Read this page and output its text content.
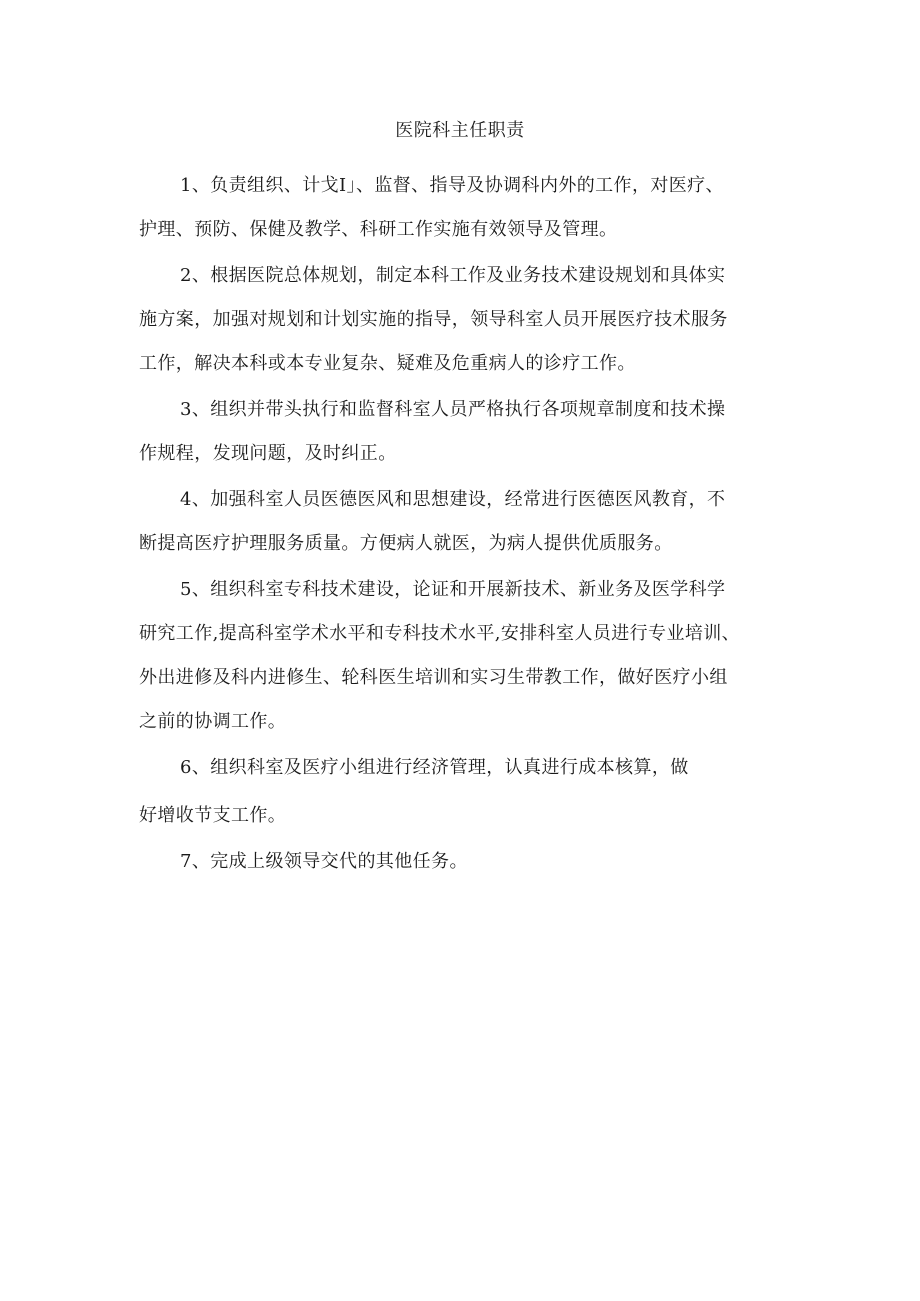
医院科主任职责
1、负责组织、计戈I」、监督、指导及协调科内外的工作，对医疗、
护理、预防、保健及教学、科研工作实施有效领导及管理。
2、根据医院总体规划，制定本科工作及业务技术建设规划和具体实
施方案，加强对规划和计划实施的指导，领导科室人员开展医疗技术服务
工作，解决本科或本专业复杂、疑难及危重病人的诊疗工作。
3、组织并带头执行和监督科室人员严格执行各项规章制度和技术操
作规程，发现问题，及时纠正。
4、加强科室人员医德医风和思想建设，经常进行医德医风教育，不
断提高医疗护理服务质量。方便病人就医，为病人提供优质服务。
5、组织科室专科技术建设，论证和开展新技术、新业务及医学科学
研究工作,提高科室学术水平和专科技术水平,安排科室人员进行专业培训、
外出进修及科内进修生、轮科医生培训和实习生带教工作，做好医疗小组
之前的协调工作。
6、组织科室及医疗小组进行经济管理，认真进行成本核算，做
好增收节支工作。
7、完成上级领导交代的其他任务。
